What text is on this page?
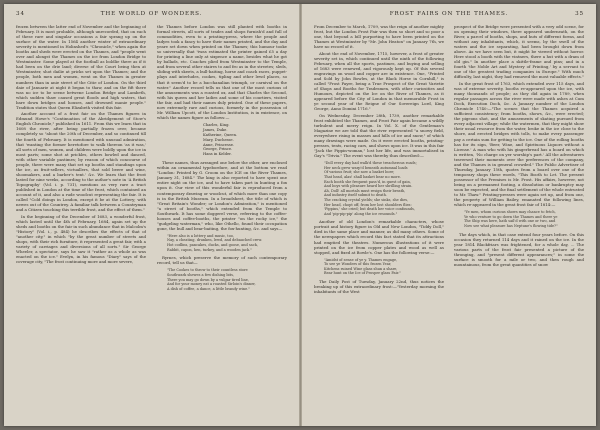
34	THE WORLD OF WONDERS.

frozen between the latter end of November and the beginning of February. It is most probable, although unrecorded, that on each of these rare and singular occasions a fair sprang up on the surface of the water. In 1564 another winter of extraordinary severity is mentioned in Holinshed's "Chronicle," when again the booths and sheds were erected on the Thames, and "people went over and alongst the Thames on the ice from London Bridge to Westminster. Some played at the football as boldlie there as if it had been on the drie land; diverse of the Court being then at Westminster, shot dailie at pricks set upon the Thames; and the people, both men and women, went on the Thames in greater numbers than in anie street of the Citie of London. On the third daie of Januarie at night it began to thaw, and on the fift there was no ice to be seene betwene London Bridge and Lambeth, which sudden thaw caused great floods and high waters, that bare down bridges and houses, and drowned manie people." Tradition states that Queen Elizabeth visited this fair.

Another account of a frost fair on the Thames figures in Edmund Howe's "Continuation of the Abridgement of Stow's English Chronicle," published in 1611. From this we learn that in 1608 the river, after being partially frozen over, became completely so "about the 20th of December, and so continued till the fourth of February. It is mentioned with unusual admiration, that 'wanting the former heretofore to walk thereon 'as it was,' all sorts of men, women, and children were boldly upon the ice in most parts; some shot at prickles, others bowled and danced, with other variable pastimes; by reason of which concourse of people, there were many that set up booths and standings upon the ice, as fruit-sellers, victuallers, that sold beere and wine, shoomakers, and a barber's tent.' &c. We learn that the frost lasted for nine weeks, according to the author's note in 'A British Topography' (Vol. i. p. 731), mentions as very rare a tract published in London at the time of the frost, which contained an account of it, and also a rude woodcut representing the fair. It is called "Cold doings in London, except it be at the Lottery; with newes out of the Countrey. A familiar talk between a Countryman and a Citizen touching this terrible frost, and the effect of them."

In the beginning of the December of 1683, a wonderful frost, which lasted until the 4th of February, 1684, again set up the sheds and booths on the fair in such abundance that in Malcolm's "History" (Vol. i., p. 484) he describes the effects of that of "another city," in which "by the great number of streets and shops, with their rich furniture, it represented a great fair, with a variety of carriages and diversions of all sorts." Sir George Wheeler, a spectator, says he saw it "rather as a whole as was enacted on the ice." Evelyn, in his famous "Diary" says of the coverage city, "The frost continuing more and more severe,

the Thames before London was still planted with booths in formal streets, all sorts of trades and shops furnish'd and full of commodities, even to a printing-press, where the people and ladyes took a fancy to have their names printed, and the day and yeare set down when printed on the Thames; this humour tooke so universally that 'twas estimated the printer gained £5 a day for printing a line only at sixpence a name, besides what he got by ballads, etc. Coaches plied from Westminster to the Temple, and from several other staires to and fro as in the streetes; sleds, sliding with skeets, a bull-baiting, horse and coach races, puppet-plays and interludes, cookes, tipling and other lewd places, so that it seem'd to be a bacchanalian triumph, or carnival on the water." Another record tells us that one of the most curious of the amusements was a roasted ox, and that Charles the Second, with his queen and her ladies and some of his courtiers, visited the fair, and had their names duly printed. One of these papers, now extremely rare and curious, formerly in the possession of Mr. William Upcott, of the London Institution, is in existence, on which the names figure as follows:—

Charles, King.
James, Duke.
Katherine, Queen.
Mary, Duchesse.
Anne, Princesse.
George, Prince.
Hans in Kelder.

These names, thus arranged one below the other, are enclosed within an ornamental typebordure, and at the bottom we read "London: Printed by G. Croom on the ICE on the River Thames, January 31, 1684." The king is also reported to have spent one entire night on the ice, and to have taken part in hunting a fox upon it. Our view of this wonderful fair is reproduced from a contemporary drawing or woodcut, of which more than one copy is in the British Museum. In a broadsheet, the title of which is "Great Britain's Wonder; or London's Admiration," is mentioned "a street of booths," which extended from the Temple to Southwark. It has some doggerel verse, referring to the coffee-houses and coffee-booths, the printer "on the rocky ice," the "gudgeling waterman," who, like Othello, found their occupation gone, the bull and bear-baiting, the fox-hunting, &c. and says—

"Here also is a lottery and music, too,
Nay, a cheating, drunken, lewd, and debauched crew.
Hot codlins, pancakes, ducks, and goose, and sack,
Rabbit, capon, hen, turkey, and a wooden jack."

Ryrnes, which preserve the memory of such contemporary record, tell us that—

"The Cookes to throw to their countless store
Southwark shewes a few dishing bits,
There you may go down by a vulgar tired line,
And for your money eat a roasted Sirloin's dinner,
A dish of coffee, a dance, a little brandy wine."
FROST FAIRS ON THE THAMES.	35

From December to March, 1709, was the reign of another mighty frost, but the London Frost Fair was then so short and so poor a one, that beyond a bill purporting to have been printed on the Thames at Westminster by "Mr. John Heaton" on January 7th, we have no record of it.

About the end of November, 1715, however, a frost of greater severity set in, which continued until the ninth of the following February, when all the sports, pastimes, and buying and selling of 1683 were renewed, and vigorously kept up. Of this several engravings on wood and copper are in existence. One, "Printed and Sold by John Bowles, at the Black Horse in Cornhill," is called "Frost Fayre, being a True Prospect of the Great Varietie of Shops and Booths for Tradesmen, with other curiosities and Humours, depicted on the Ice on the River of Thames, as it appeared before the City of London in that memorable Frost in ye second year of the Reigne of Our Sovereign Lord, King George, Anno Domini 1716."

On Wednesday, December 28th, 1739, another remarkable frost exhibited the Thames, and Frost Fair again became a wildly turbulent and merry reign. In Vol. X. of the Gentleman's Magazine we are told that the river represented "a snowy field, everywhere rising in masses and hills of ice and snow," of which many drawings were made. On it were erected booths, printing-presses, tents, racing cars, and shows upon ice. It was in this fair "Jack the Pippin-woman," lost her life, and was immortalised in Gay's "Trivia." The event was thereby thus described:—

"Doll every day had walk'd these treacherous roads;
Her neck grew warp'd beneath autumnal loads
Of various fruit; she now a basket bore;
That head, alas! shall basket bear no more.
Each booth she frequent pass'd, in quest of gain,
And boys with pleasure heard her shrilling strain.
Ah, Doll! all mortals must resign their breath,
And industry itself submit to death.
The cracking crystal yields; she sinks, she dies,
Her head, chopt off, from her lost shoulders flies:
'Pippins,' she cried; but death her voice confounds,
And 'pip-pip-pip' along the ice resounds."

Another of old London's remarkable characters, whose portrait and history figure in Old and New London, "Tiddy Doll," died in the same place and manner, as did many others. Some of the newspapers which record this fact stated that its attractions had emptied the theatres. Numerous illustrations of it were printed on the ice from copper plates and wood as well as stopped, and fixed at Bowle's. One has the following verse:—

"Amidst of sense of ye y. Thames engage,
To see ye Wonders of this frozen Year,
Kitchens ruined Wine glass shun a share,
Bear hunt on the Ice of Prosper glass Fair."

The Daily Post of Tuesday, January 22nd, thus notices the breaking up of this extraordinary frost:—"Yesterday morning the inhabitants of the West

prospect of the Bridge were presented with a very odd scene, for on opening their windows, there appeared underneath, on the River, a parcel of booths, shops, and huts of different forms, and without any inhabitants, which, it seems, by the swell of the waters and the ice separating, had been brought down from above. As we have seen but, it might be viewed without horror. Here stood a booth with the vintners, there a hut with a dram of old gin." In another place a skittle-frame and pins; and in a fourth 'the Noble Art and Mystery of Printing,' by a servant to one of the greatest trading companies in Europe." With much difficulty, last night, they had removed the most valuable effects."

In the great frost of 1763, which extended over 115 days, and was of extreme severity, booths re-appeared upon the ice, with many thousands of people; as they did again in 1789, when regular passages across the river were made with ashes at Cum Dock, Execution Dock, &c. A January number of the London Chronicle 1740:—"The scenes that the Thames acquired a sufficient consistency; from booths, shows, &c., were erected; the pigeons shot, and the amusements of skating pursued from every adjacent village; while the watermen, that they might show their usual resource from the water, broke in the ice close to the shore, and erected bridges with tolls, to make every passenger pay a certain sum for getting to the ice. One of the rolling booths has for its sign, 'Beer, Wine, and Spirituous Liquors without a License.' A man who with his gingerbread has a board on which is written, 'No charge on yer worship's part.' All the adventurers traversed their moments over the preferences of the company, and the Thames is in general crowded." The Public Advertiser of Thursday, January 15th, quotes from a board over one of the temporary shops these words, "This Booth to Let. The present possessor of the Premises is Mr. Frost. His affairs, however, not being on a permanent footing, a dissolution or bankruptcy may soon be expected, and the final settlement of the whole entrusted to Mr. Thaw." Printing-presses were again set up, and from one, the property of William Bailey, emanated the following lines, which re-appeared in the great frost fair of 1814:—

"Ye men, whom curious shows may chance to fetch,
Ye who venture to go down the Thames and there ye
The Ship was here, hath sail'd with one or two, and
Now see what pleasure has Neptune's flowing tide?"

The days which, in that case extend four years before. On this occasion they returned 114 days and it rained on the ice. In the year 1814 Blackfriars was frightened, for a whole day, ... The various parts of the frost fair presented a picture of the thronging, and "present different appearances;" in some the surface is smooth for a mile or two, and then rough and mountainous, from the great quantities of snow
